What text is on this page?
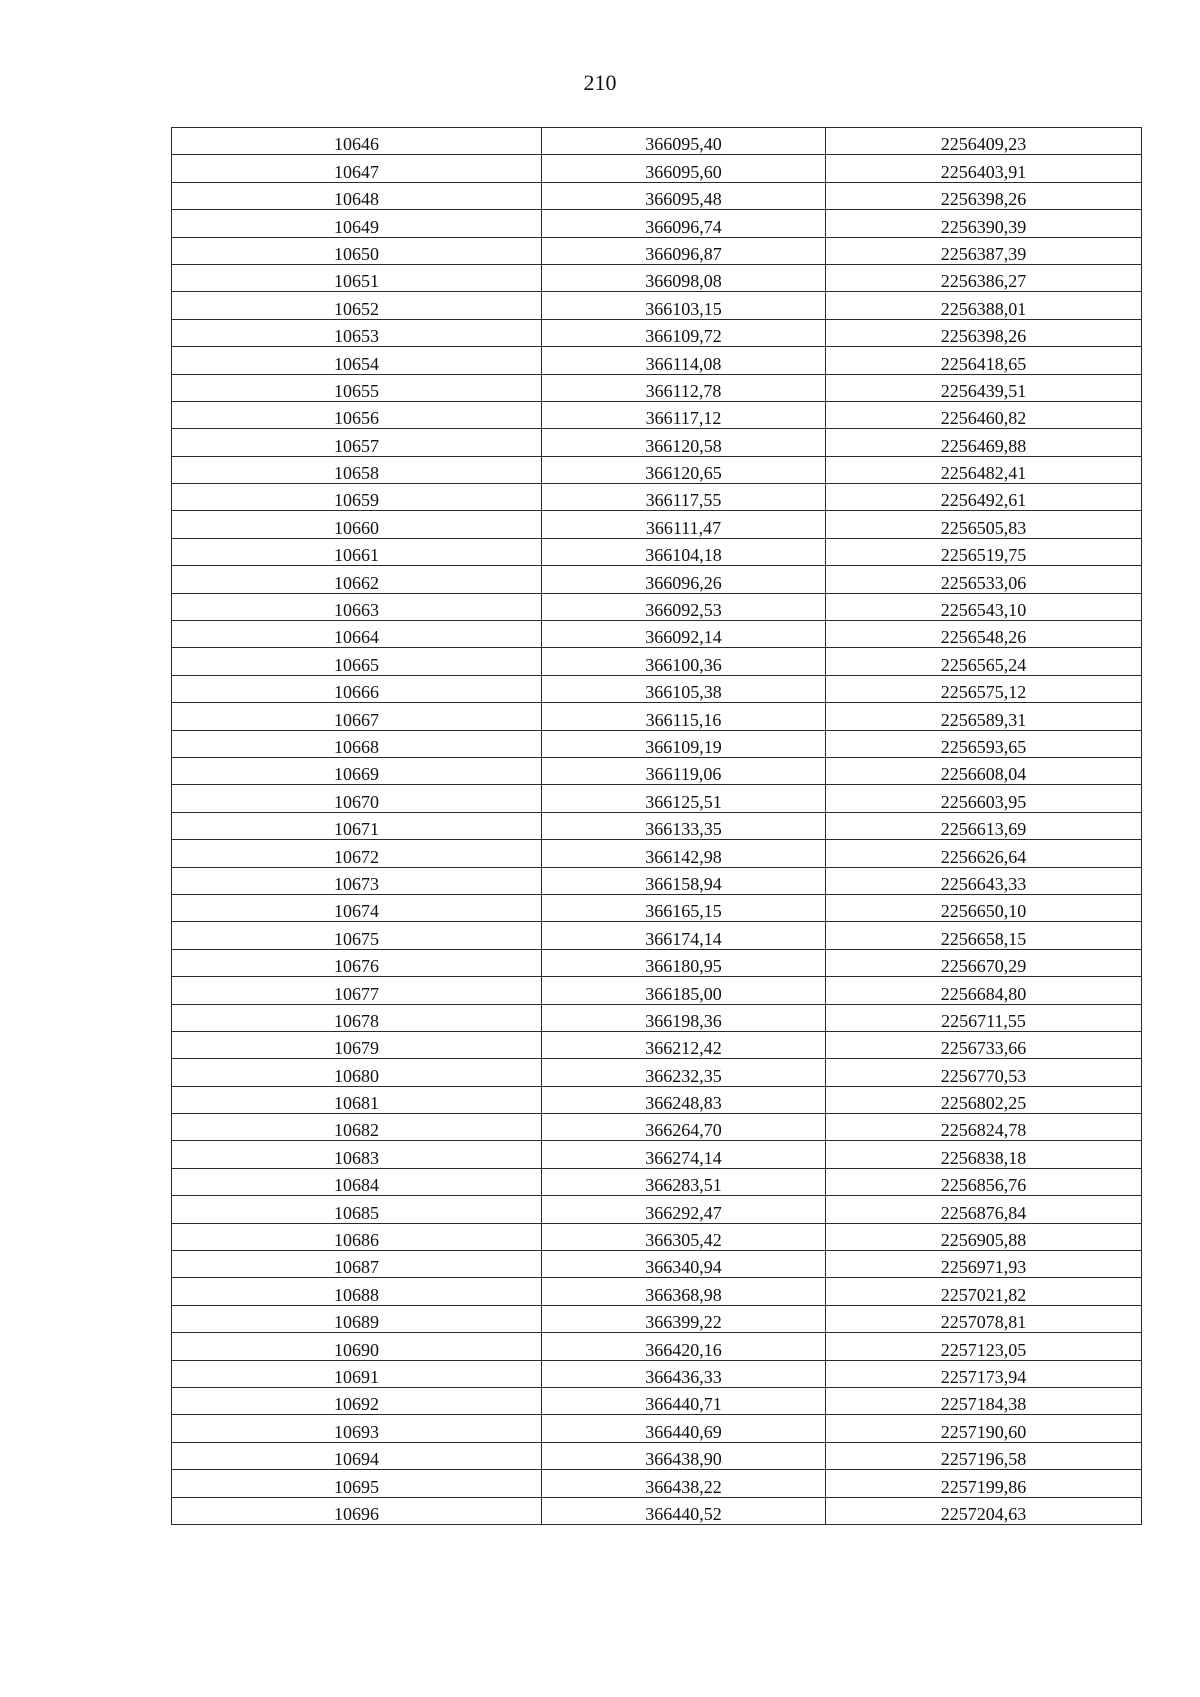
210
10646	366095,40	2256409,23
10647	366095,60	2256403,91
10648	366095,48	2256398,26
10649	366096,74	2256390,39
10650	366096,87	2256387,39
10651	366098,08	2256386,27
10652	366103,15	2256388,01
10653	366109,72	2256398,26
10654	366114,08	2256418,65
10655	366112,78	2256439,51
10656	366117,12	2256460,82
10657	366120,58	2256469,88
10658	366120,65	2256482,41
10659	366117,55	2256492,61
10660	366111,47	2256505,83
10661	366104,18	2256519,75
10662	366096,26	2256533,06
10663	366092,53	2256543,10
10664	366092,14	2256548,26
10665	366100,36	2256565,24
10666	366105,38	2256575,12
10667	366115,16	2256589,31
10668	366109,19	2256593,65
10669	366119,06	2256608,04
10670	366125,51	2256603,95
10671	366133,35	2256613,69
10672	366142,98	2256626,64
10673	366158,94	2256643,33
10674	366165,15	2256650,10
10675	366174,14	2256658,15
10676	366180,95	2256670,29
10677	366185,00	2256684,80
10678	366198,36	2256711,55
10679	366212,42	2256733,66
10680	366232,35	2256770,53
10681	366248,83	2256802,25
10682	366264,70	2256824,78
10683	366274,14	2256838,18
10684	366283,51	2256856,76
10685	366292,47	2256876,84
10686	366305,42	2256905,88
10687	366340,94	2256971,93
10688	366368,98	2257021,82
10689	366399,22	2257078,81
10690	366420,16	2257123,05
10691	366436,33	2257173,94
10692	366440,71	2257184,38
10693	366440,69	2257190,60
10694	366438,90	2257196,58
10695	366438,22	2257199,86
10696	366440,52	2257204,63
